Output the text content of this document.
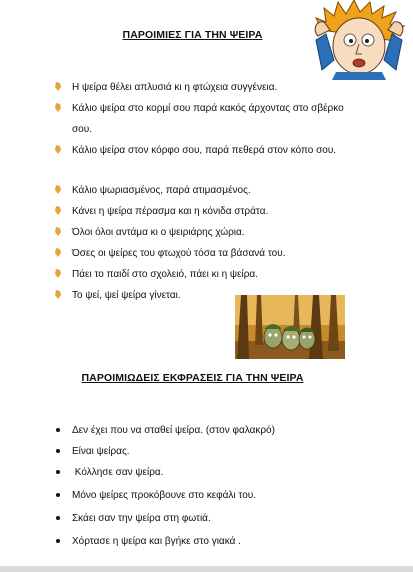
ΠΑΡΟΙΜΙΕΣ ΓΙΑ ΤΗΝ ΨΕΙΡΑ
Η ψείρα θέλει απλυσιά κι η φτώχεια συγγένεια.
Κάλιο ψείρα στο κορμί σου παρά κακός άρχοντας στο σβέρκο σου.
Κάλιο ψείρα στον κόρφο σου, παρά πεθερά στον κόπο σου.
Κάλιο ψωριασμένος, παρά ατιμασμένος.
Κάνει η ψείρα πέρασμα και η κόνιδα στράτα.
Όλοι όλοι αντάμα κι ο ψειριάρης χώρια.
Όσες οι ψείρες του φτωχού τόσα τα βάσανά του.
Πάει το παιδί στο σχολειό, πάει κι η ψείρα.
Το ψεί, ψεί ψείρα γίνεται.
ΠΑΡΟΙΜΙΩΔΕΙΣ ΕΚΦΡΑΣΕΙΣ ΓΙΑ ΤΗΝ ΨΕΙΡΑ
Δεν έχει που να σταθεί ψείρα. (στον φαλακρό)
Είναι ψείρας.
Κόλλησε σαν ψείρα.
Μόνο ψείρες προκόβουνε στο κεφάλι του.
Σκάει σαν την ψείρα στη φωτιά.
Χόρτασε η ψείρα και βγήκε στο γιακά .
